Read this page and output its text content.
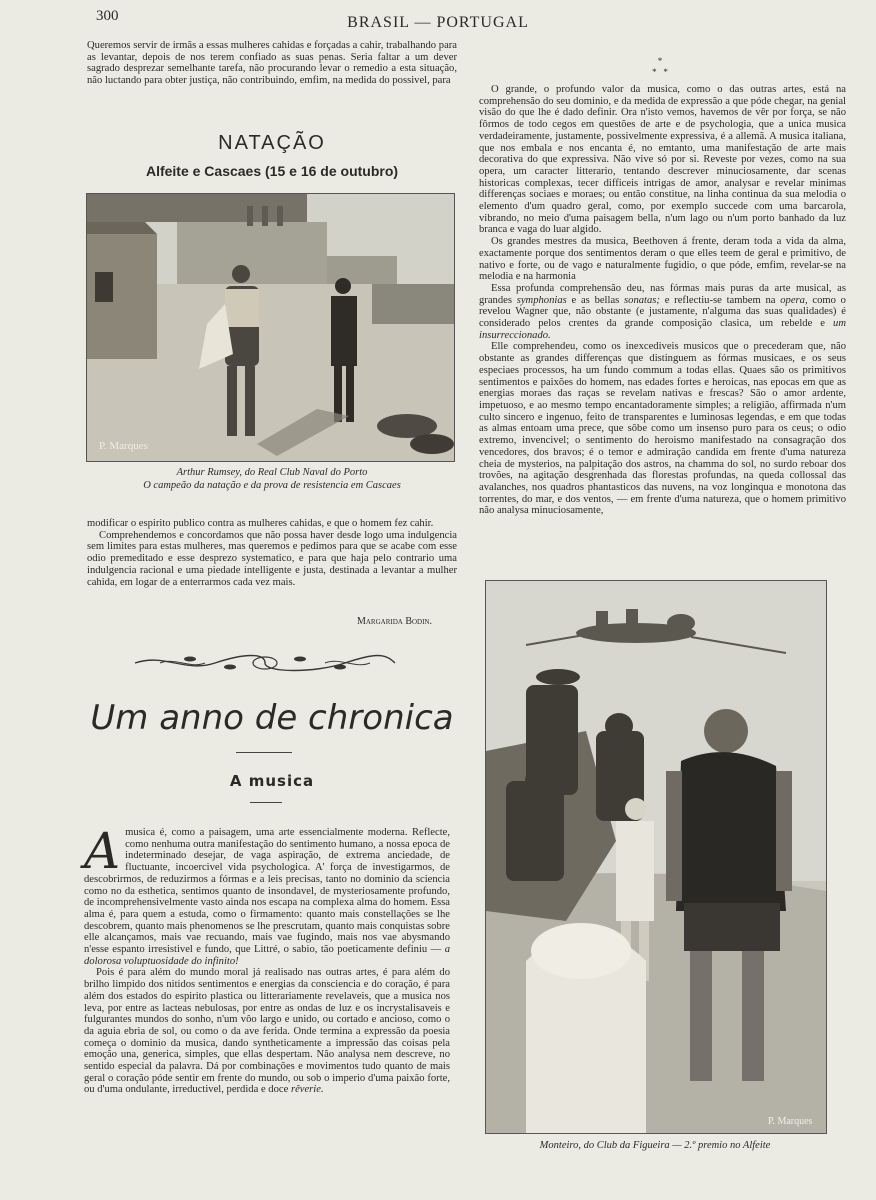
300	BRASIL — PORTUGAL

Queremos servir de irmãs a essas mulheres cahidas e forçadas a cahir, trabalhando para as levantar, depois de nos terem confiado as suas penas. Seria faltar a um dever sagrado desprezar semelhante tarefa, não procurando levar o remedio a esta situação, não luctando para obter justiça, não contribuindo, emfim, na medida do possivel, para

NATAÇÃO
Alfeite e Cascaes (15 e 16 de outubro)
P. Marques
Arthur Rumsey, do Real Club Naval do Porto
O campeão da natação e da prova de resistencia em Cascaes

modificar o espirito publico contra as mulheres cahidas, e que o homem fez cahir.

Comprehendemos e concordamos que não possa haver desde logo uma indulgencia sem limites para estas mulheres, mas queremos e pedimos para que se acabe com esse odio premeditado e esse desprezo systematico, e para que haja pelo contrario uma indulgencia racional e uma piedade intelligente e justa, destinada a levantar a mulher cahida, em logar de a enterrarmos cada vez mais.

Margarida Bodin.
Um anno de chronica
A musica

Amusica é, como a paisagem, uma arte essencialmente moderna. Reflecte, como nenhuma outra manifestação do sentimento humano, a nossa epoca de indeterminado desejar, de vaga aspiração, de extrema anciedade, de fluctuante, incoercivel vida psychologica. A' força de investigarmos, de descobrirmos, de reduzirmos a fórmas e a leis precisas, tanto no dominio da sciencia como no da esthetica, sentimos quanto de insondavel, de mysteriosamente profundo, de incomprehensivelmente vasto ainda nos escapa na complexa alma do homem. Essa alma é, para quem a estuda, como o firmamento: quanto mais constellações se lhe descobrem, quanto mais phenomenos se lhe prescrutam, quanto mais conquistas sobre elle alcançamos, mais vae recuando, mais vae fugindo, mais nos vae abysmando n'esse espanto irresistivel e fundo, que Littré, o sabio, tão poeticamente definiu — a dolorosa voluptuosidade do infinito!

Pois é para além do mundo moral já realisado nas outras artes, é para além do brilho limpido dos nitidos sentimentos e energias da consciencia e do coração, é para além dos estados do espirito plastica ou litterariamente revelaveis, que a musica nos leva, por entre as lacteas nebulosas, por entre as ondas de luz e os incrystalisaveis e fulgurantes mundos do sonho, n'um vôo largo e unido, ou cortado e ancioso, como o da aguia ebria de sol, ou como o da ave ferida. Onde termina a expressão da poesia começa o dominio da musica, dando syntheticamente a impressão das coisas pela emoção una, generica, simples, que ellas despertam. Não analysa nem descreve, no sentido especial da palavra. Dá por combinações e movimentos tudo quanto de mais geral o coração póde sentir em frente do mundo, ou sob o imperio d'uma paixão forte, ou d'uma ondulante, irreductivel, perdida e doce rêverie.

*
*   *

O grande, o profundo valor da musica, como o das outras artes, está na comprehensão do seu dominio, e da medida de expressão a que póde chegar, na genial visão do que lhe é dado definir. Ora n'isto vemos, havemos de vêr por força, se não fôrmos de todo cegos em questões de arte e de psychologia, que a unica musica verdadeiramente, justamente, possivelmente expressiva, é a allemã. A musica italiana, que nos embala e nos encanta é, no emtanto, uma manifestação de arte mais decorativa do que expressiva. Não vive só por si. Reveste por vezes, como na sua opera, um caracter litterario, tentando descrever minuciosamente, dar scenas historicas complexas, tecer difficeis intrigas de amor, analysar e revelar minimas differenças sociaes e moraes; ou então constitue, na linha continua da sua melodia o elemento d'um quadro geral, como, por exemplo succede com uma barcarola, vibrando, no meio d'uma paisagem bella, n'um lago ou n'um porto banhado da luz branca e vaga do luar algido.

Os grandes mestres da musica, Beethoven á frente, deram toda a vida da alma, exactamente porque dos sentimentos deram o que elles teem de geral e primitivo, de nativo e forte, ou de vago e naturalmente fugidio, o que póde, emfim, revelar-se na melodia e na harmonia

Essa profunda comprehensão deu, nas fórmas mais puras da arte musical, as grandes symphonias e as bellas sonatas; e reflectiu-se tambem na opera, como o revelou Wagner que, não obstante (e justamente, n'alguma das suas qualidades) é considerado pelos crentes da grande composição clasica, um rebelde e um insurreccionado.

Elle comprehendeu, como os inexcediveis musicos que o precederam que, não obstante as grandes differenças que distinguem as fórmas musicaes, e os seus especiaes processos, ha um fundo commum a todas ellas. Quaes são os primitivos sentimentos e paixões do homem, nas edades fortes e heroicas, nas epocas em que as energias moraes das raças se revelam nativas e frescas? São o amor ardente, impetuoso, e ao mesmo tempo encantadoramente simples; a religião, affirmada n'um culto sincero e ingenuo, feito de transparentes e luminosas legendas, e em que todas as almas entoam uma prece, que sôbe como um insenso puro para os ceus; o odio extremo, invencivel; o sentimento do heroismo manifestado na consagração dos vencedores, dos bravos; é o temor e admiração candida em frente d'uma natureza cheia de mysterios, na palpitação dos astros, na chamma do sol, no surdo reboar dos trovões, na agitação desgrenhada das florestas profundas, na queda collossal das avalanches, nos quadros phantasticos das nuvens, na voz longinqua e monotona das torrentes, do mar, e dos ventos, — em frente d'uma natureza, que o homem primitivo não analysa minuciosamente,

P. Marques
Monteiro, do Club da Figueira — 2.º premio no Alfeite
